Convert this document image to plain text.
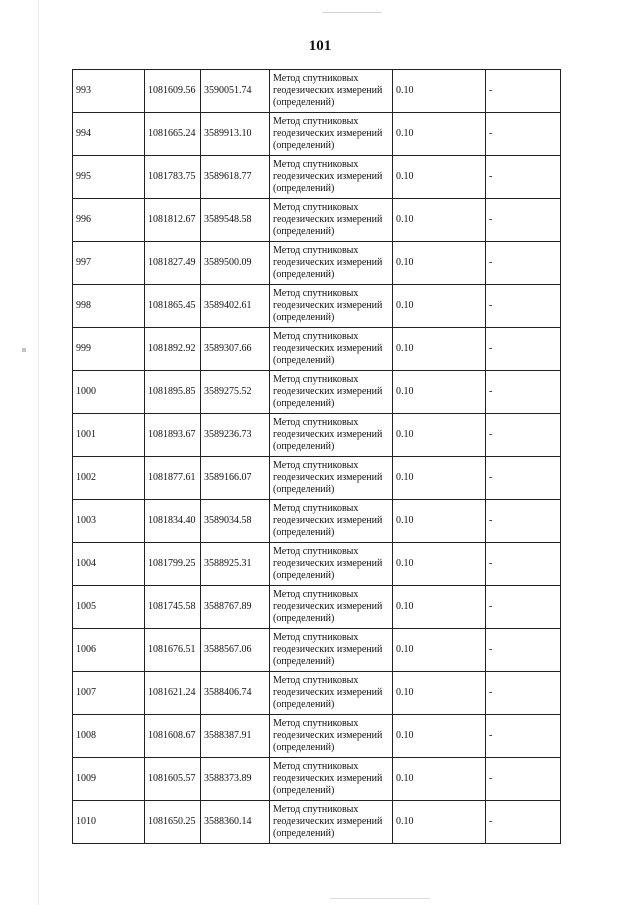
101
993	1081609.56	3590051.74	Метод спутниковых геодезических измерений (определений)	0.10	-
994	1081665.24	3589913.10	Метод спутниковых геодезических измерений (определений)	0.10	-
995	1081783.75	3589618.77	Метод спутниковых геодезических измерений (определений)	0.10	-
996	1081812.67	3589548.58	Метод спутниковых геодезических измерений (определений)	0.10	-
997	1081827.49	3589500.09	Метод спутниковых геодезических измерений (определений)	0.10	-
998	1081865.45	3589402.61	Метод спутниковых геодезических измерений (определений)	0.10	-
999	1081892.92	3589307.66	Метод спутниковых геодезических измерений (определений)	0.10	-
1000	1081895.85	3589275.52	Метод спутниковых геодезических измерений (определений)	0.10	-
1001	1081893.67	3589236.73	Метод спутниковых геодезических измерений (определений)	0.10	-
1002	1081877.61	3589166.07	Метод спутниковых геодезических измерений (определений)	0.10	-
1003	1081834.40	3589034.58	Метод спутниковых геодезических измерений (определений)	0.10	-
1004	1081799.25	3588925.31	Метод спутниковых геодезических измерений (определений)	0.10	-
1005	1081745.58	3588767.89	Метод спутниковых геодезических измерений (определений)	0.10	-
1006	1081676.51	3588567.06	Метод спутниковых геодезических измерений (определений)	0.10	-
1007	1081621.24	3588406.74	Метод спутниковых геодезических измерений (определений)	0.10	-
1008	1081608.67	3588387.91	Метод спутниковых геодезических измерений (определений)	0.10	-
1009	1081605.57	3588373.89	Метод спутниковых геодезических измерений (определений)	0.10	-
1010	1081650.25	3588360.14	Метод спутниковых геодезических измерений (определений)	0.10	-
